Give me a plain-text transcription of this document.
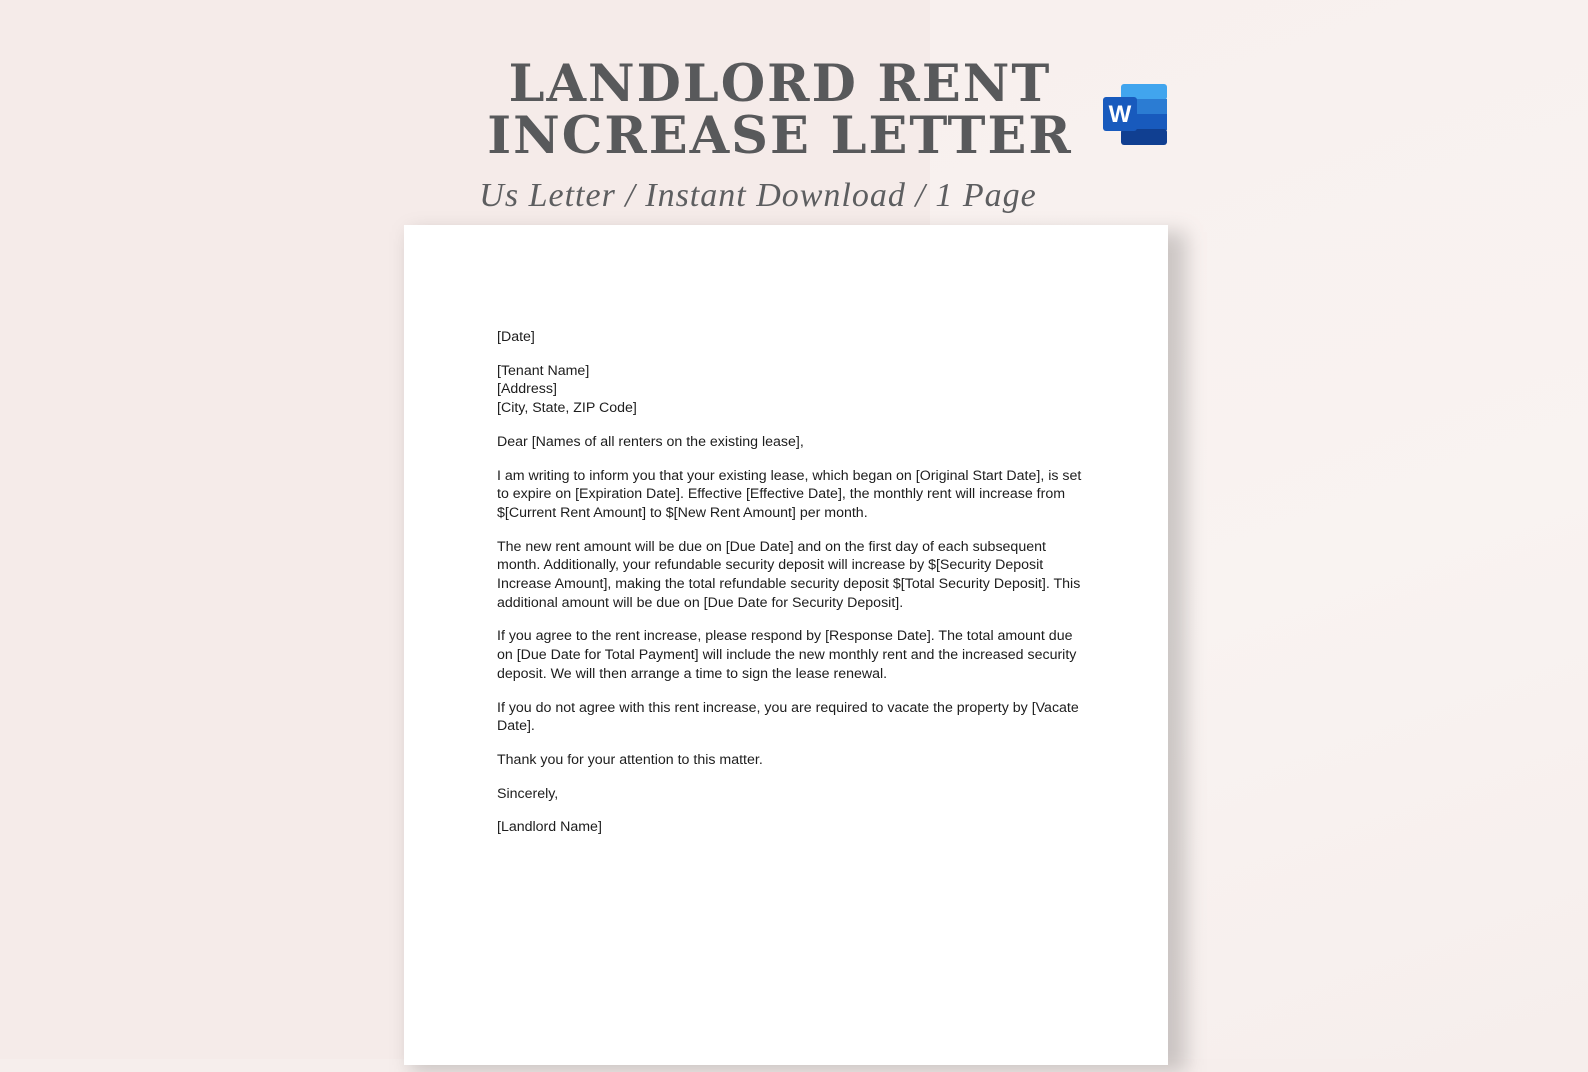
LANDLORD RENT
INCREASE LETTER
Us Letter / Instant Download / 1 Page
W

[Date]

[Tenant Name]
[Address]
[City, State, ZIP Code]

Dear [Names of all renters on the existing lease],

I am writing to inform you that your existing lease, which began on [Original Start Date], is set to expire on [Expiration Date]. Effective [Effective Date], the monthly rent will increase from $[Current Rent Amount] to $[New Rent Amount] per month.

The new rent amount will be due on [Due Date] and on the first day of each subsequent month. Additionally, your refundable security deposit will increase by $[Security Deposit Increase Amount], making the total refundable security deposit $[Total Security Deposit]. This additional amount will be due on [Due Date for Security Deposit].

If you agree to the rent increase, please respond by [Response Date]. The total amount due on [Due Date for Total Payment] will include the new monthly rent and the increased security deposit. We will then arrange a time to sign the lease renewal.

If you do not agree with this rent increase, you are required to vacate the property by [Vacate Date].

Thank you for your attention to this matter.

Sincerely,

[Landlord Name]
